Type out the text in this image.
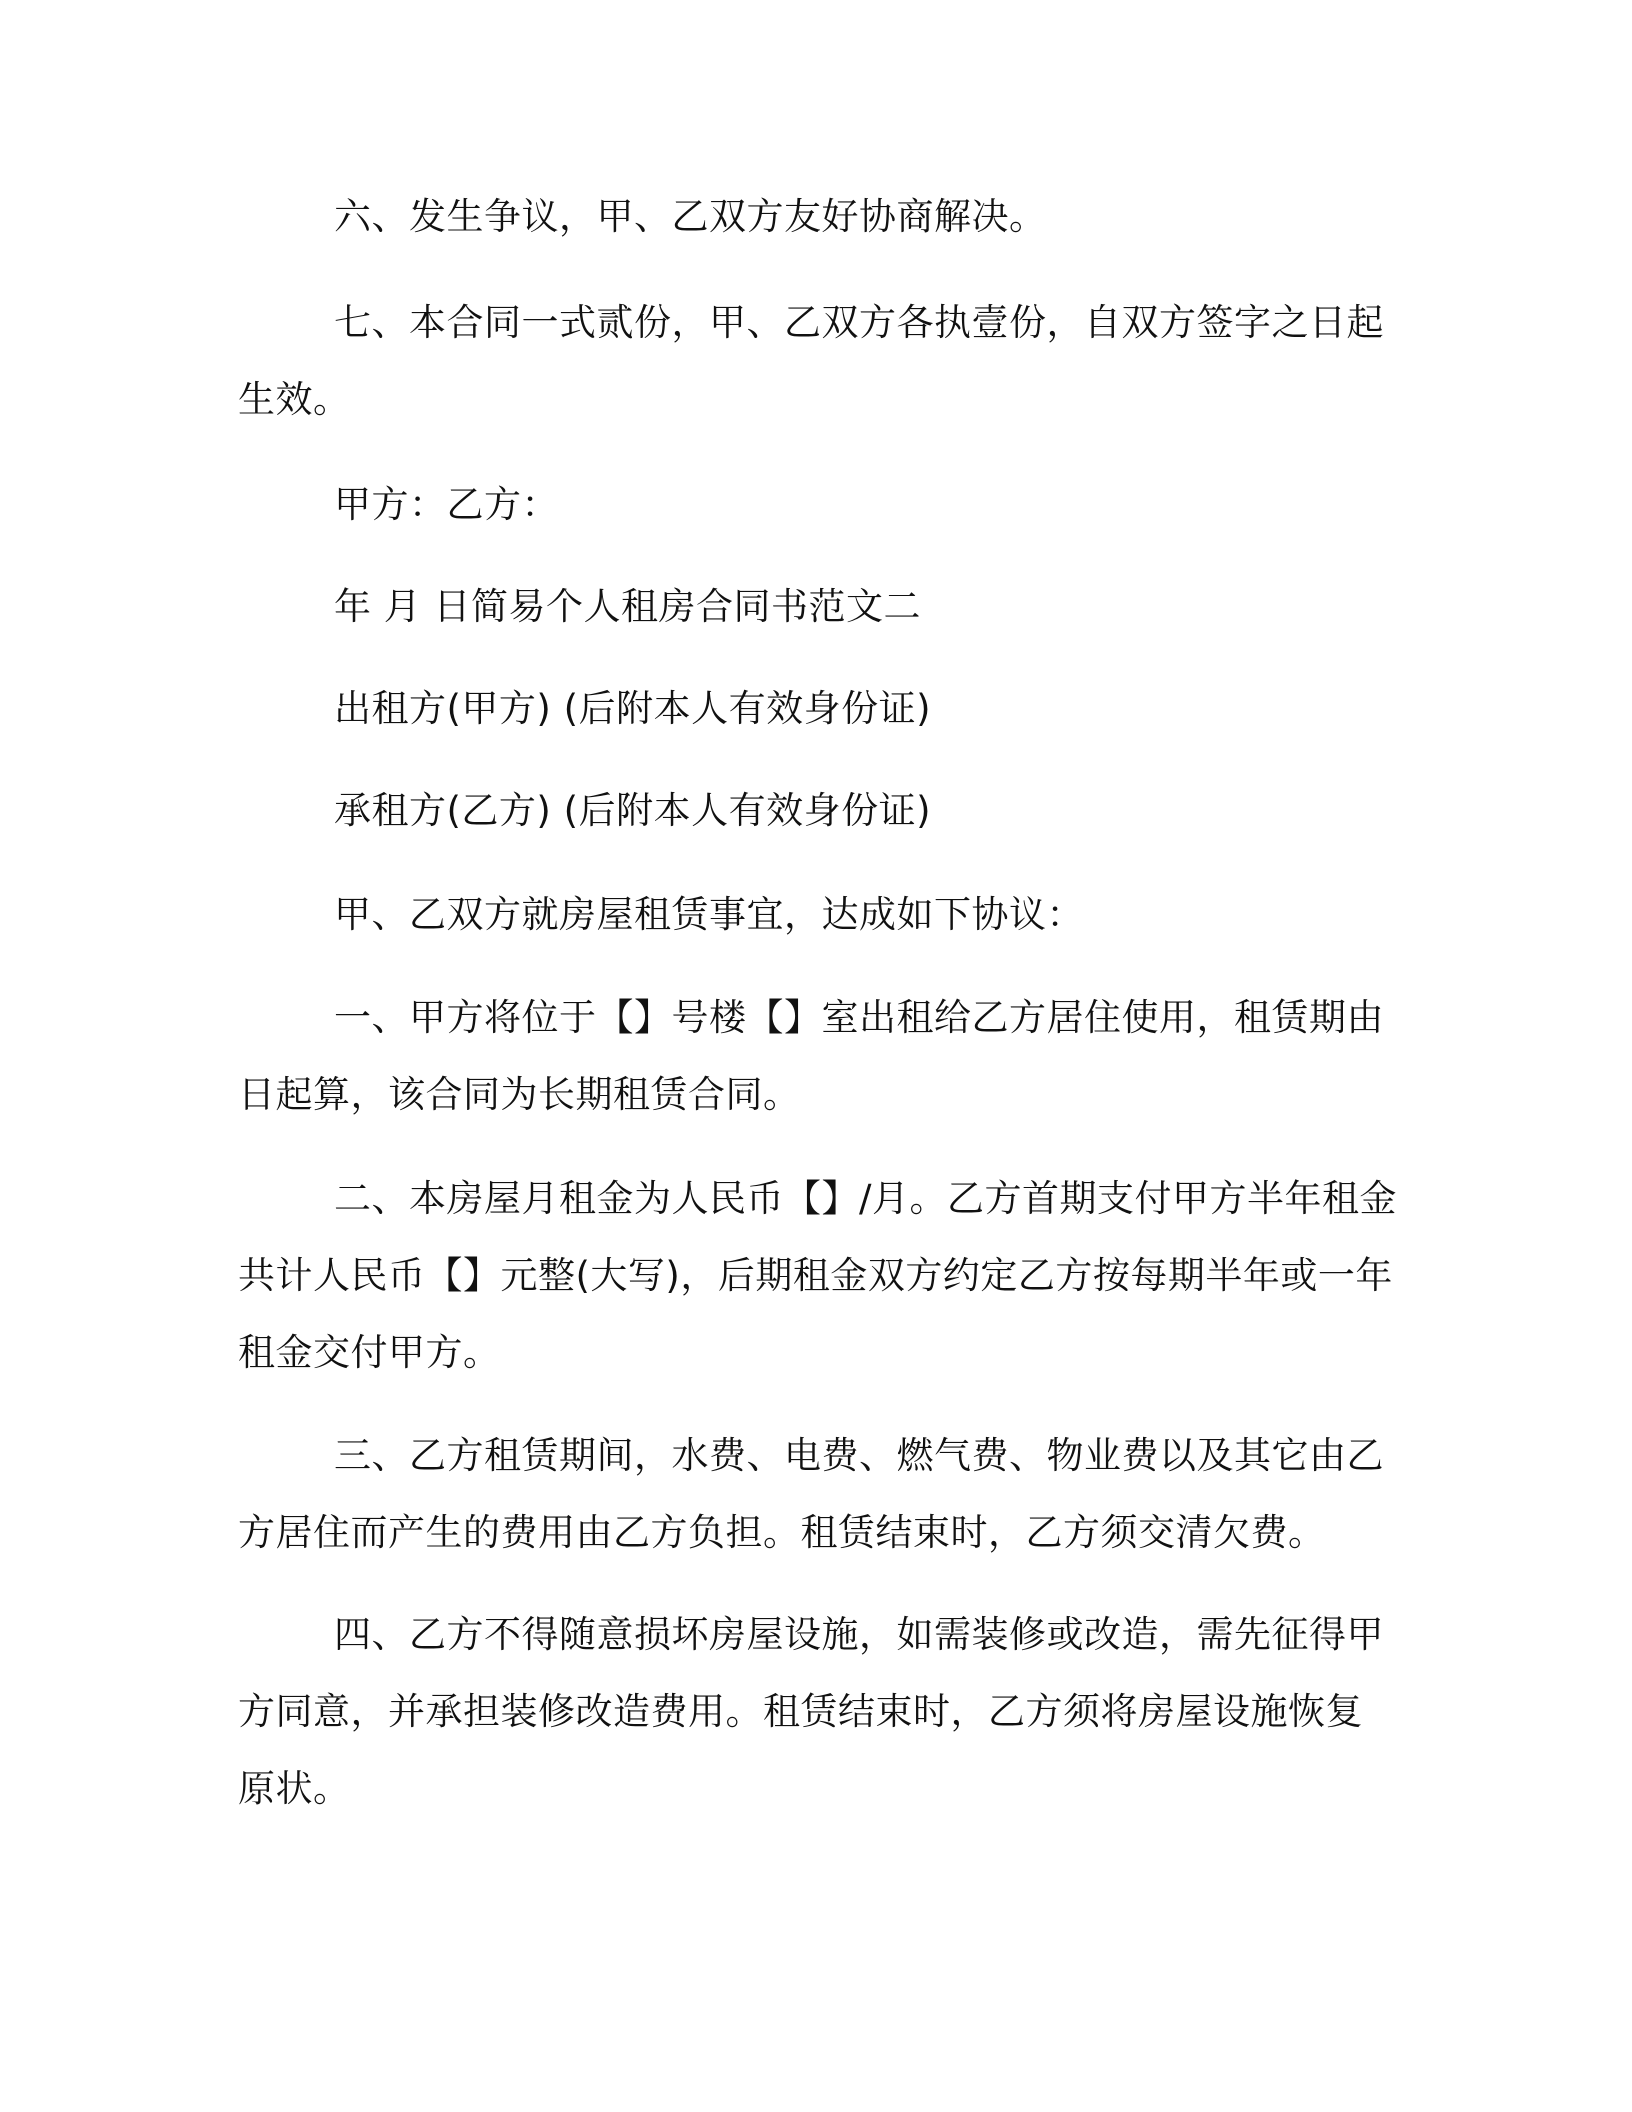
六、发生争议，甲、乙双方友好协商解决。

七、本合同一式贰份，甲、乙双方各执壹份，自双方签字之日起生效。

甲方：乙方：

年 月 日简易个人租房合同书范文二

出租方(甲方) (后附本人有效身份证)

承租方(乙方) (后附本人有效身份证)

甲、乙双方就房屋租赁事宜，达成如下协议：

一、甲方将位于【】号楼【】室出租给乙方居住使用，租赁期由 日起算，该合同为长期租赁合同。

二、本房屋月租金为人民币【】/月。乙方首期支付甲方半年租金共计人民币【】元整(大写)，后期租金双方约定乙方按每期半年或一年租金交付甲方。

三、乙方租赁期间，水费、电费、燃气费、物业费以及其它由乙方居住而产生的费用由乙方负担。租赁结束时，乙方须交清欠费。

四、乙方不得随意损坏房屋设施，如需装修或改造，需先征得甲方同意，并承担装修改造费用。租赁结束时，乙方须将房屋设施恢复原状。
